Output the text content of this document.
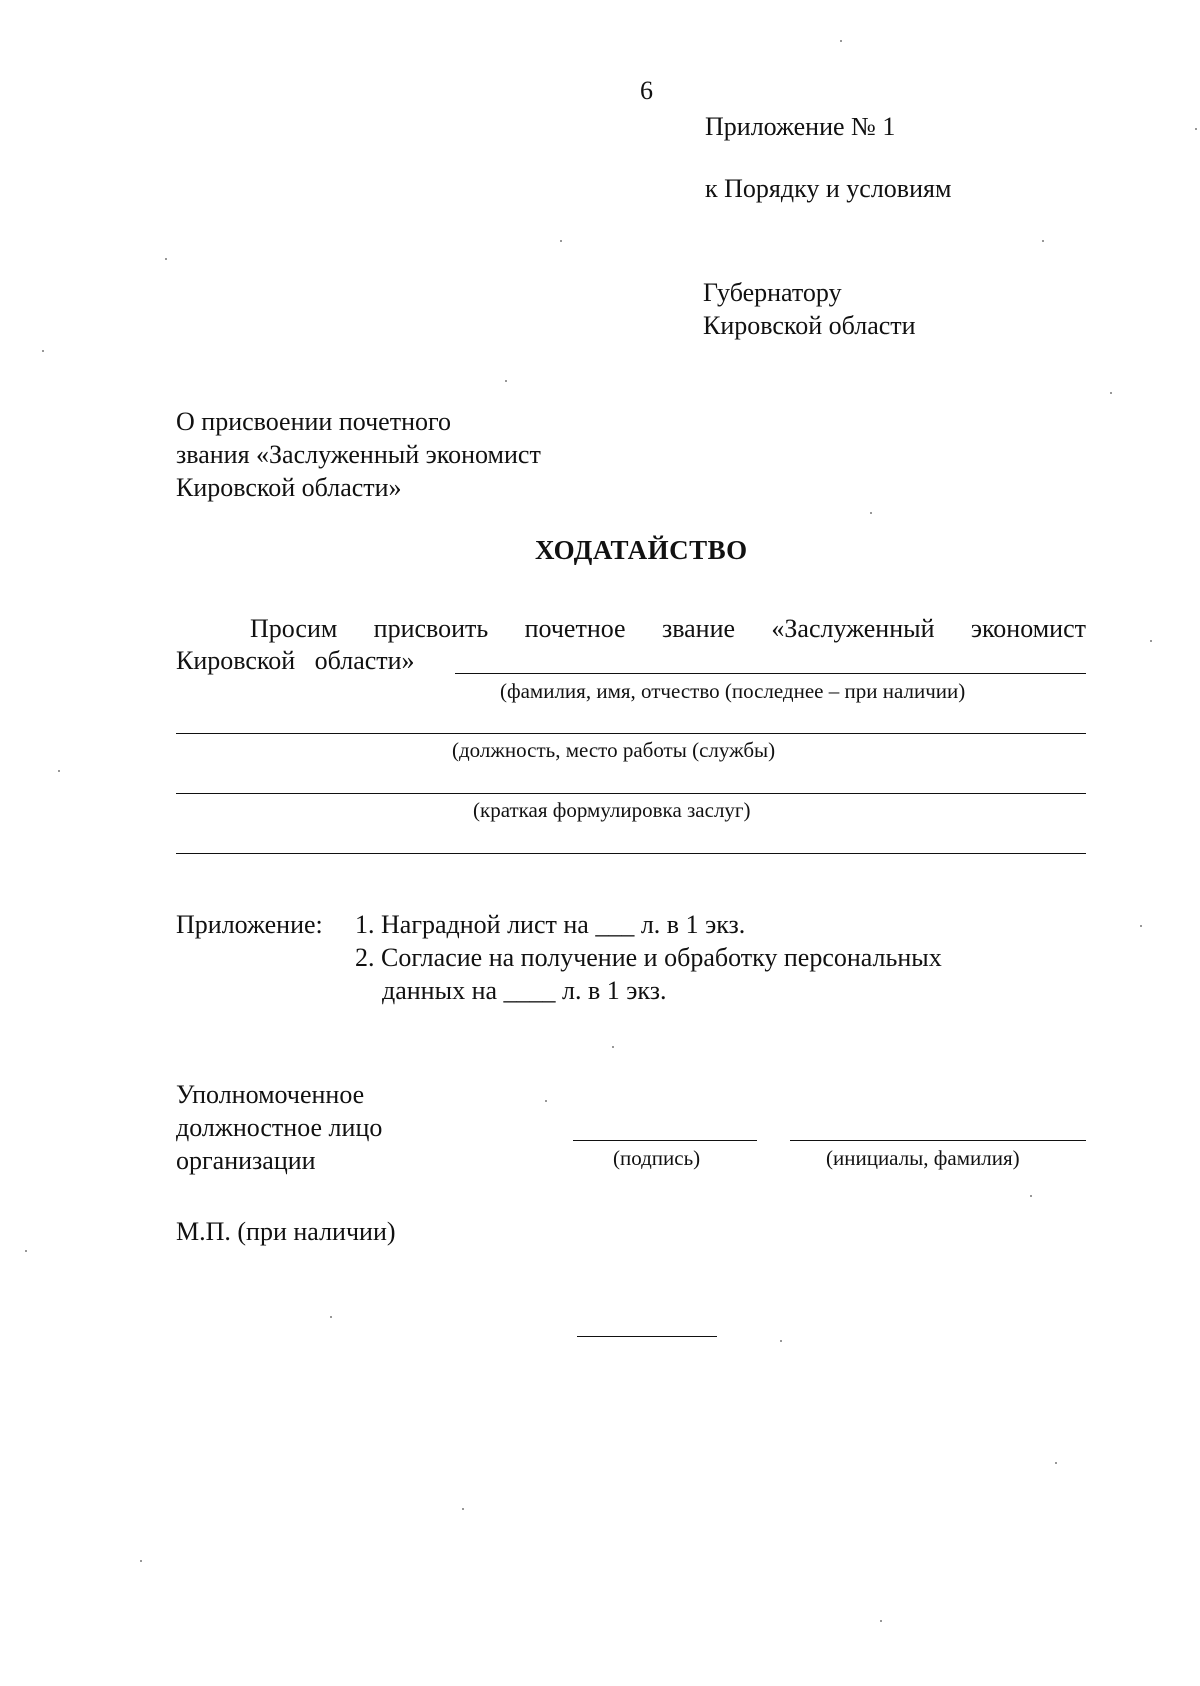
6
Приложение № 1
к Порядку и условиям
Губернатору
Кировской области
О присвоении почетного
звания «Заслуженный экономист
Кировской области»
ХОДАТАЙСТВО
Просим присвоить почетное звание «Заслуженный экономист
Кировской   области»
(фамилия, имя, отчество (последнее – при наличии)
(должность, место работы (службы)
(краткая формулировка заслуг)
Приложение: 1. Наградной лист на ___ л. в 1 экз.
2. Согласие на получение и обработку персональных
данных на ____ л. в 1 экз.
Уполномоченное
должностное лицо
организации	(подпись)	(инициалы, фамилия)
М.П. (при наличии)
